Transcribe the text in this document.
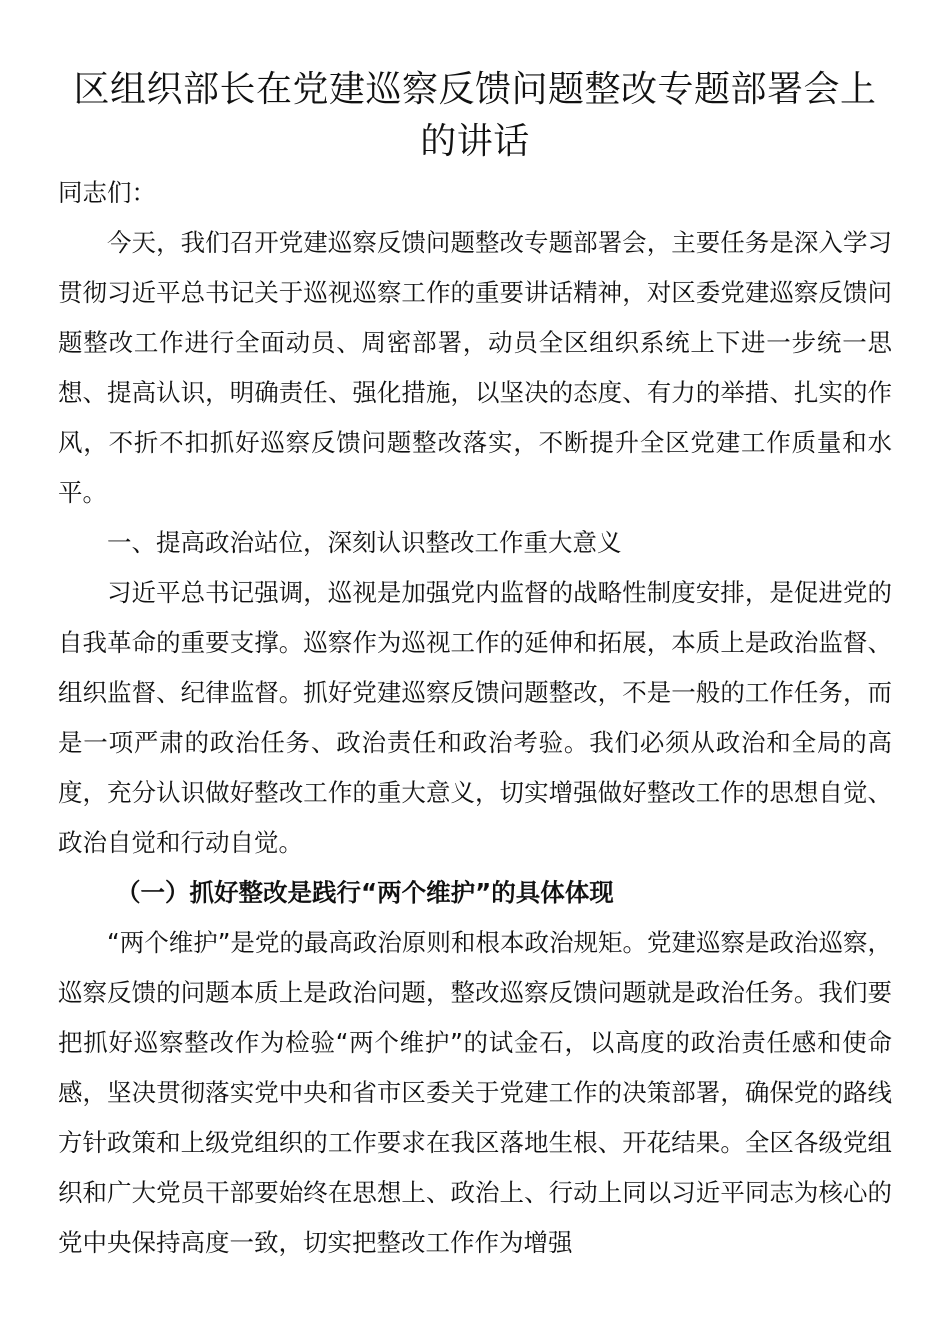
区组织部长在党建巡察反馈问题整改专题部署会上的讲话

同志们：

今天，我们召开党建巡察反馈问题整改专题部署会，主要任务是深入学习贯彻习近平总书记关于巡视巡察工作的重要讲话精神，对区委党建巡察反馈问题整改工作进行全面动员、周密部署，动员全区组织系统上下进一步统一思想、提高认识，明确责任、强化措施，以坚决的态度、有力的举措、扎实的作风，不折不扣抓好巡察反馈问题整改落实，不断提升全区党建工作质量和水平。

一、提高政治站位，深刻认识整改工作重大意义

习近平总书记强调，巡视是加强党内监督的战略性制度安排，是促进党的自我革命的重要支撑。巡察作为巡视工作的延伸和拓展，本质上是政治监督、组织监督、纪律监督。抓好党建巡察反馈问题整改，不是一般的工作任务，而是一项严肃的政治任务、政治责任和政治考验。我们必须从政治和全局的高度，充分认识做好整改工作的重大意义，切实增强做好整改工作的思想自觉、政治自觉和行动自觉。

（一）抓好整改是践行“两个维护”的具体体现

“两个维护”是党的最高政治原则和根本政治规矩。党建巡察是政治巡察，巡察反馈的问题本质上是政治问题，整改巡察反馈问题就是政治任务。我们要把抓好巡察整改作为检验“两个维护”的试金石，以高度的政治责任感和使命感，坚决贯彻落实党中央和省市区委关于党建工作的决策部署，确保党的路线方针政策和上级党组织的工作要求在我区落地生根、开花结果。全区各级党组织和广大党员干部要始终在思想上、政治上、行动上同以习近平同志为核心的党中央保持高度一致，切实把整改工作作为增强
